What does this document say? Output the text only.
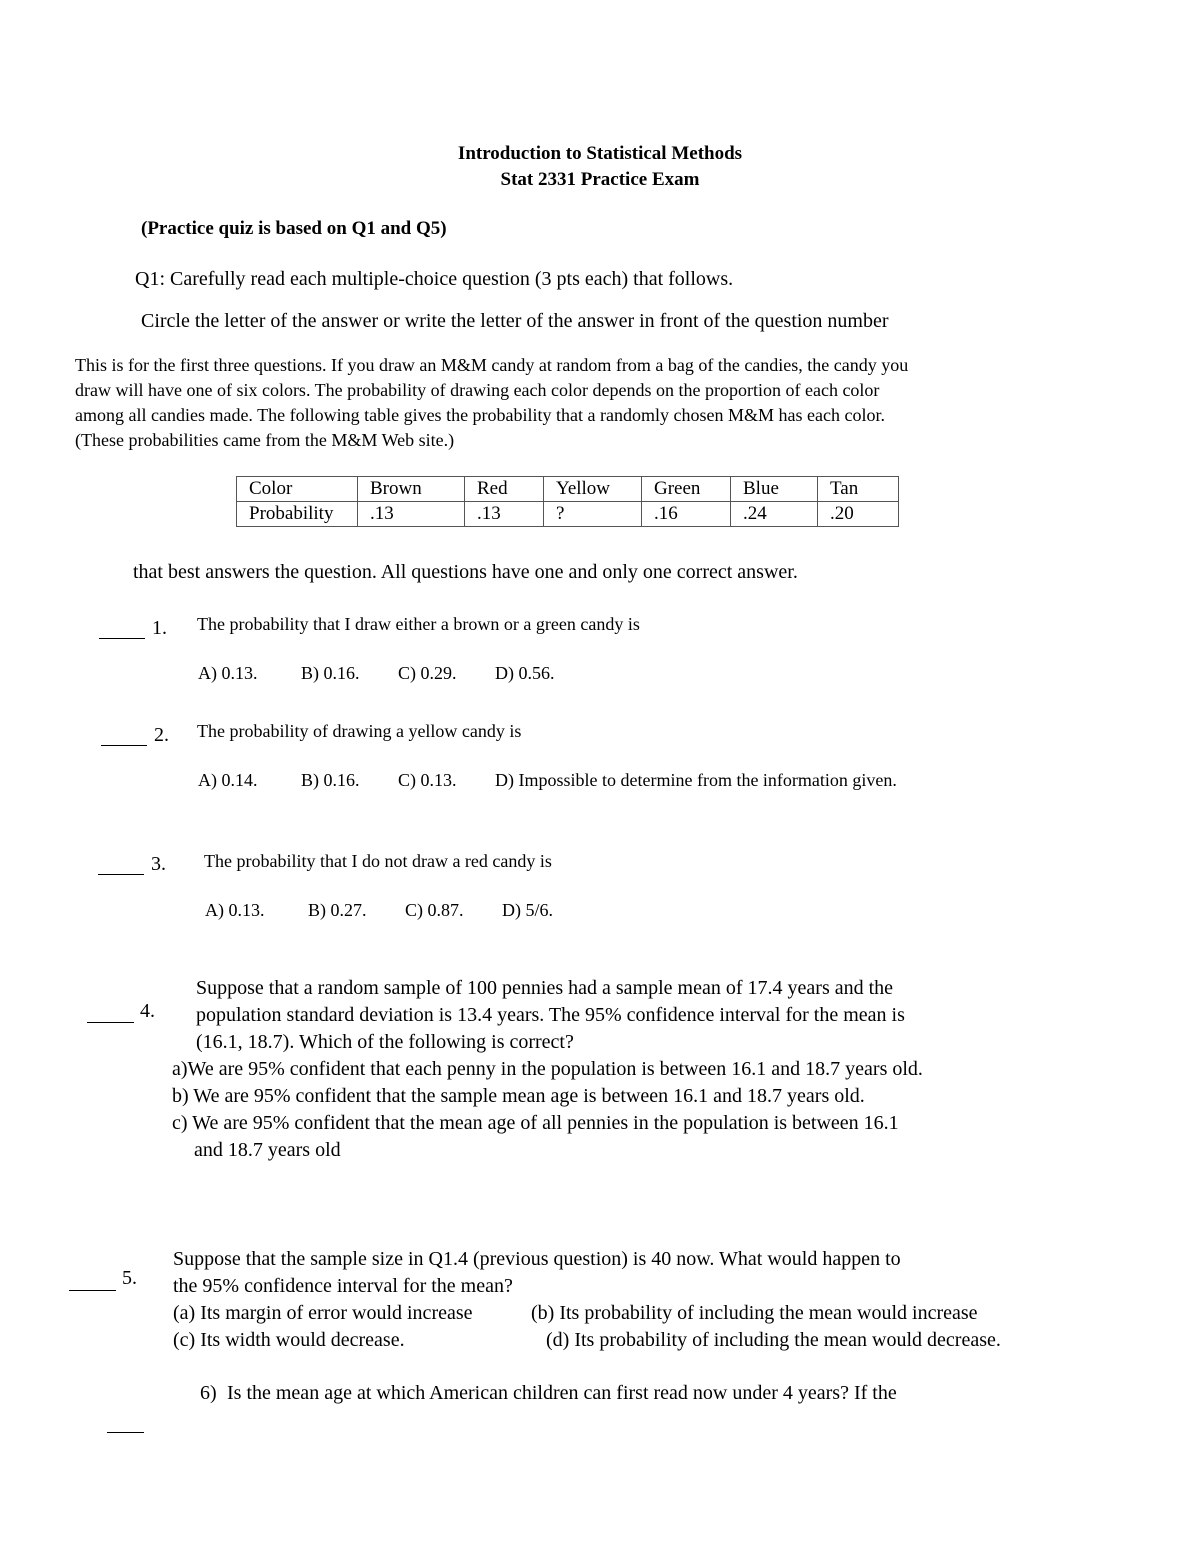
Introduction to Statistical Methods
Stat 2331 Practice Exam
(Practice quiz is based on Q1 and Q5)
Q1: Carefully read each multiple-choice question (3 pts each) that follows.
Circle the letter of the answer or write the letter of the answer in front of the question number
This is for the first three questions. If you draw an M&M candy at random from a bag of the candies, the candy you
draw will have one of six colors. The probability of drawing each color depends on the proportion of each color
among all candies made. The following table gives the probability that a randomly chosen M&M has each color.
(These probabilities came from the M&M Web site.)
Color	Brown	Red	Yellow	Green	Blue	Tan
Probability	.13	.13	?	.16	.24	.20
that best answers the question. All questions have one and only one correct answer.
1. The probability that I draw either a brown or a green candy is
A) 0.13. B) 0.16. C) 0.29. D) 0.56.
2. The probability of drawing a yellow candy is
A) 0.14. B) 0.16. C) 0.13. D) Impossible to determine from the information given.
3. The probability that I do not draw a red candy is
A) 0.13. B) 0.27. C) 0.87. D) 5/6.
4.
Suppose that a random sample of 100 pennies had a sample mean of 17.4 years and the
population standard deviation is 13.4 years. The 95% confidence interval for the mean is
(16.1, 18.7). Which of the following is correct?
a)We are 95% confident that each penny in the population is between 16.1 and 18.7 years old.
b) We are 95% confident that the sample mean age is between 16.1 and 18.7 years old.
c) We are 95% confident that the mean age of all pennies in the population is between 16.1
and 18.7 years old
5.
Suppose that the sample size in Q1.4 (previous question) is 40 now. What would happen to
the 95% confidence interval for the mean?
(a) Its margin of error would increase	(b) Its probability of including the mean would increase
(c) Its width would decrease.	(d) Its probability of including the mean would decrease.
6) Is the mean age at which American children can first read now under 4 years? If the
